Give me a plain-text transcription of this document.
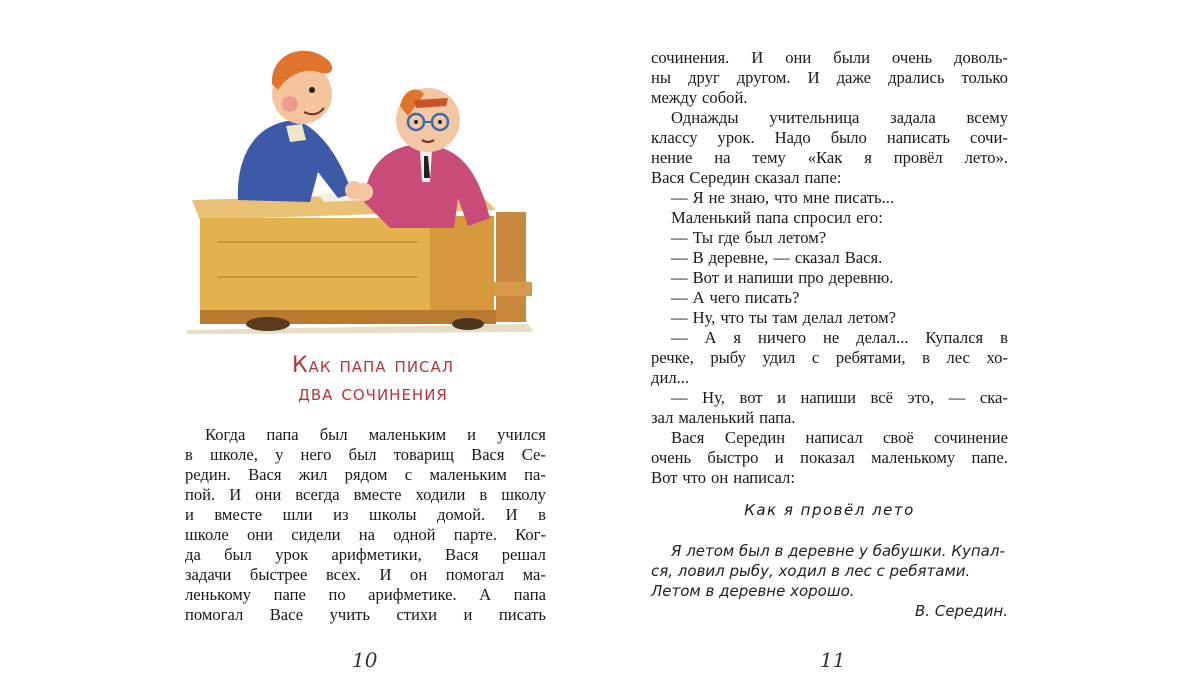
Как папа писал
два сочинения
Когда папа был маленьким и учился
в школе, у него был товарищ Вася Се-
редин. Вася жил рядом с маленьким па-
пой. И они всегда вместе ходили в школу
и вместе шли из школы домой. И в
школе они сидели на одной парте. Ког-
да был урок арифметики, Вася решал
задачи быстрее всех. И он помогал ма-
ленькому папе по арифметике. А папа
помогал Васе учить стихи и писать
10
сочинения. И они были очень доволь-
ны друг другом. И даже дрались только
между собой.
Однажды учительница задала всему
классу урок. Надо было написать сочи-
нение на тему «Как я провёл лето».
Вася Середин сказал папе:
— Я не знаю, что мне писать...
Маленький папа спросил его:
— Ты где был летом?
— В деревне, — сказал Вася.
— Вот и напиши про деревню.
— А чего писать?
— Ну, что ты там делал летом?
— А я ничего не делал... Купался в
речке, рыбу удил с ребятами, в лес хо-
дил...
— Ну, вот и напиши всё это, — ска-
зал маленький папа.
Вася Середин написал своё сочинение
очень быстро и показал маленькому папе.
Вот что он написал:
Как я провёл лето
Я летом был в деревне у бабушки. Купал-
ся, ловил рыбу, ходил в лес с ребятами.
Летом в деревне хорошо.
В. Середин.
11
